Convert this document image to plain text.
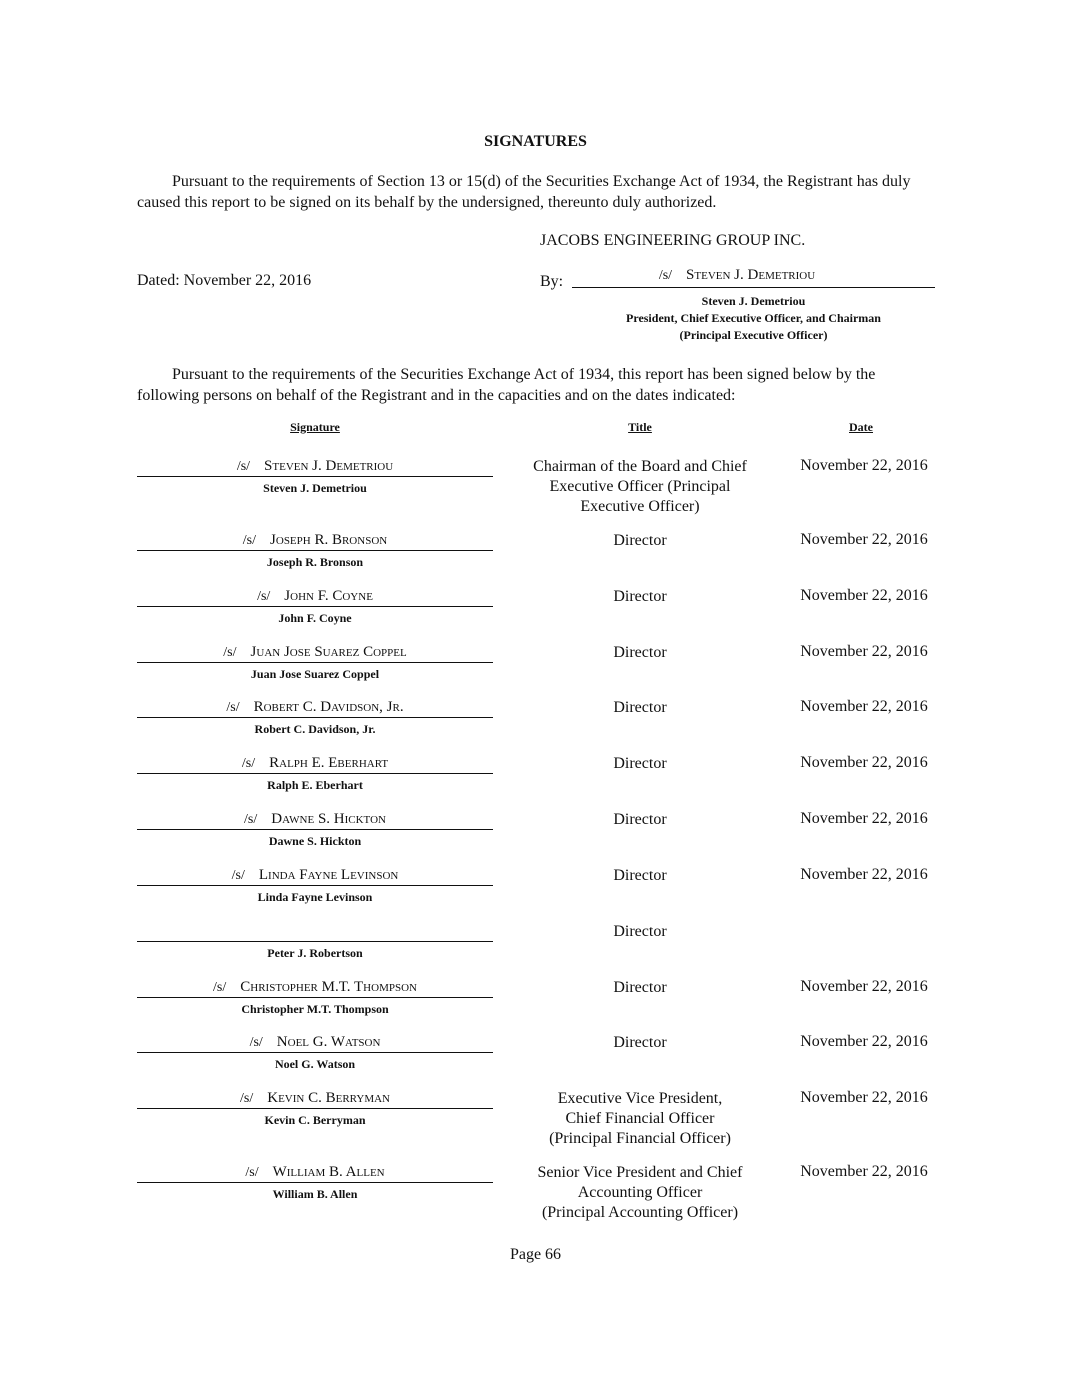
SIGNATURES
Pursuant to the requirements of Section 13 or 15(d) of the Securities Exchange Act of 1934, the Registrant has duly caused this report to be signed on its behalf by the undersigned, thereunto duly authorized.
JACOBS ENGINEERING GROUP INC.
Dated: November 22, 2016	By:	/s/ Steven J. Demetriou
Steven J. Demetriou
President, Chief Executive Officer, and Chairman
(Principal Executive Officer)
Pursuant to the requirements of the Securities Exchange Act of 1934, this report has been signed below by the following persons on behalf of the Registrant and in the capacities and on the dates indicated:
Signature	Title	Date
/s/ Steven J. Demetriou
Steven J. Demetriou
Chairman of the Board and Chief
Executive Officer (Principal
Executive Officer)
November 22, 2016
/s/ Joseph R. Bronson
Joseph R. Bronson
Director	November 22, 2016
/s/ John F. Coyne
John F. Coyne
Director	November 22, 2016
/s/ Juan Jose Suarez Coppel
Juan Jose Suarez Coppel
Director	November 22, 2016
/s/ Robert C. Davidson, Jr.
Robert C. Davidson, Jr.
Director	November 22, 2016
/s/ Ralph E. Eberhart
Ralph E. Eberhart
Director	November 22, 2016
/s/ Dawne S. Hickton
Dawne S. Hickton
Director	November 22, 2016
/s/ Linda Fayne Levinson
Linda Fayne Levinson
Director	November 22, 2016
Peter J. Robertson
Director
/s/ Christopher M.T. Thompson
Christopher M.T. Thompson
Director	November 22, 2016
/s/ Noel G. Watson
Noel G. Watson
Director	November 22, 2016
/s/ Kevin C. Berryman
Kevin C. Berryman
Executive Vice President,
Chief Financial Officer
(Principal Financial Officer)
November 22, 2016
/s/ William B. Allen
William B. Allen
Senior Vice President and Chief
Accounting Officer
(Principal Accounting Officer)
November 22, 2016
Page 66
